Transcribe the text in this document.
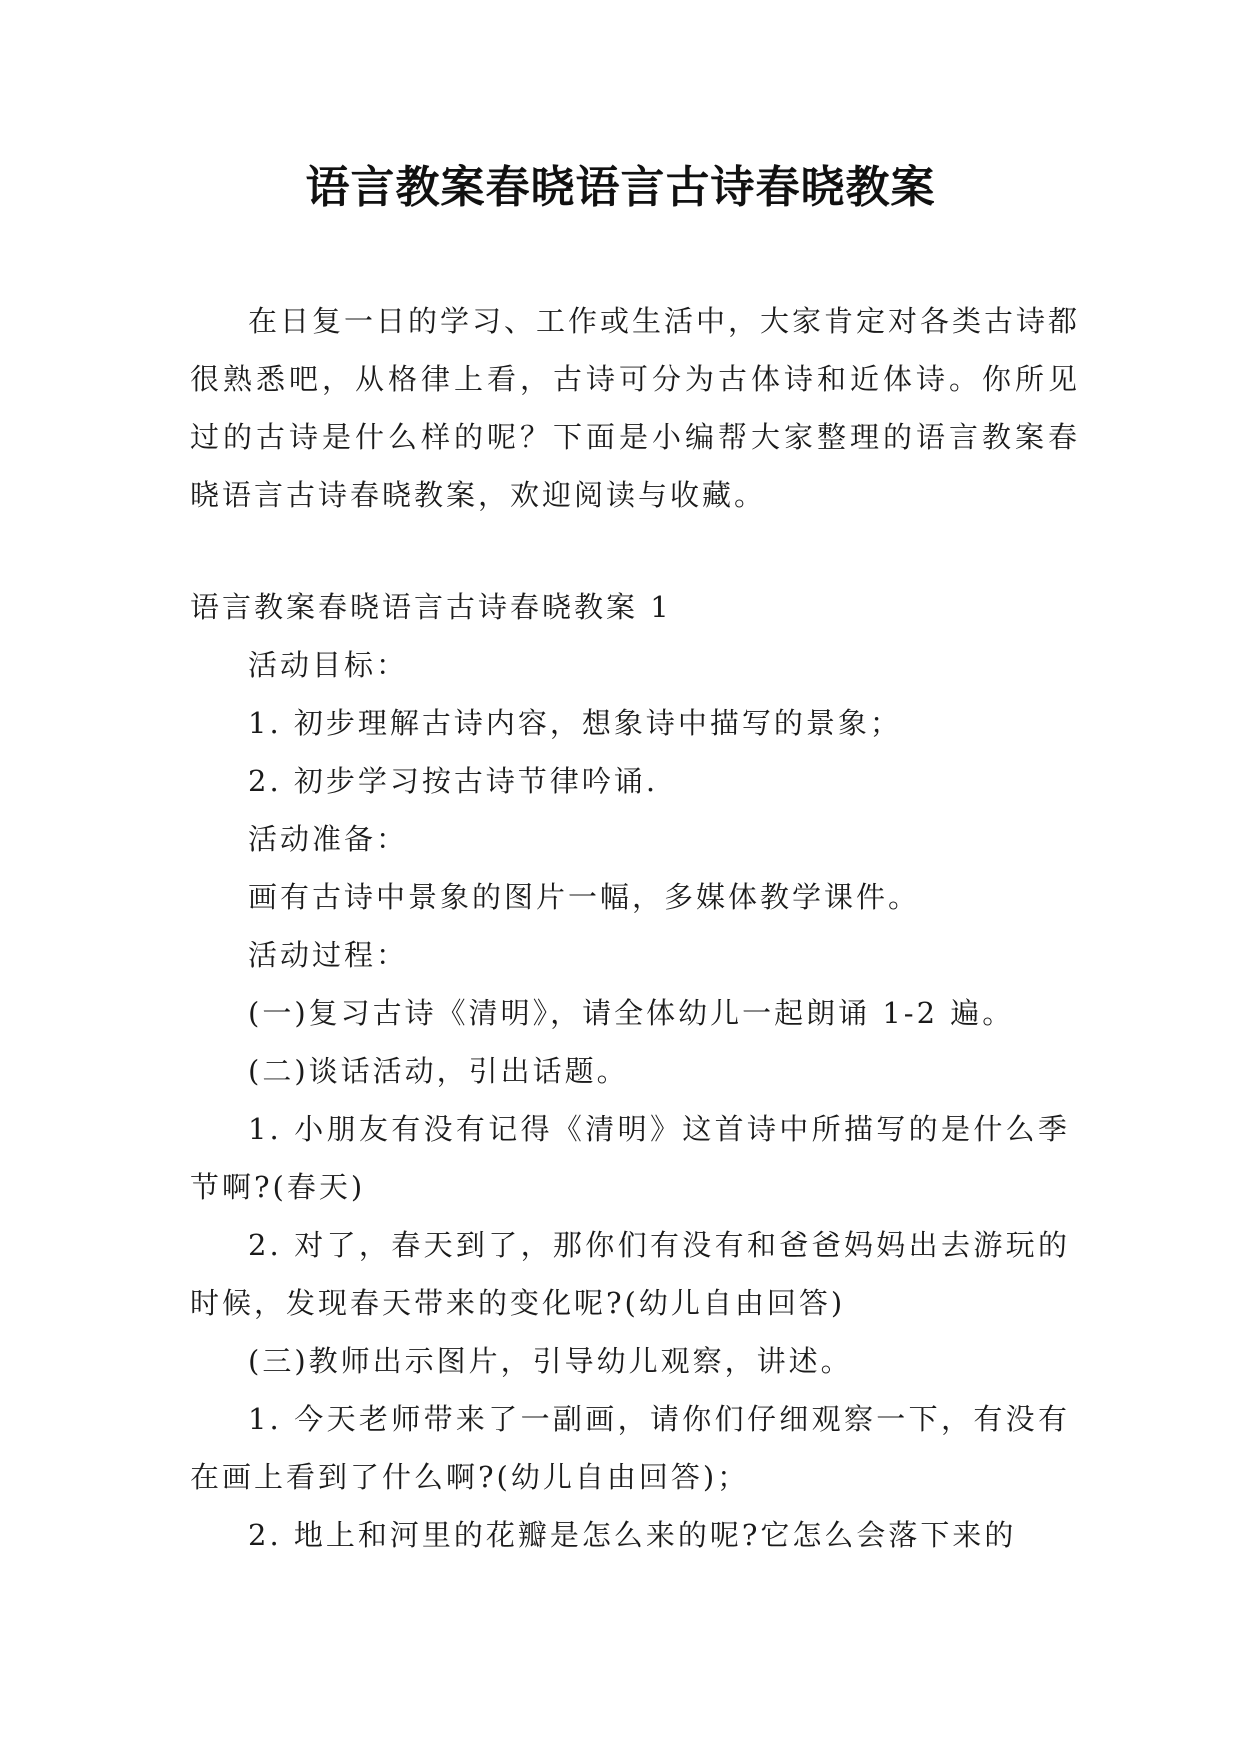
语言教案春晓语言古诗春晓教案

在日复一日的学习、工作或生活中，大家肯定对各类古诗都很熟悉吧，从格律上看，古诗可分为古体诗和近体诗。你所见过的古诗是什么样的呢？下面是小编帮大家整理的语言教案春晓语言古诗春晓教案，欢迎阅读与收藏。

语言教案春晓语言古诗春晓教案 1

活动目标：

1. 初步理解古诗内容，想象诗中描写的景象；

2. 初步学习按古诗节律吟诵.

活动准备：

画有古诗中景象的图片一幅，多媒体教学课件。

活动过程：

(一)复习古诗《清明》，请全体幼儿一起朗诵 1-2 遍。

(二)谈话活动，引出话题。

1. 小朋友有没有记得《清明》这首诗中所描写的是什么季节啊?(春天)

2. 对了，春天到了，那你们有没有和爸爸妈妈出去游玩的时候，发现春天带来的变化呢?(幼儿自由回答)

(三)教师出示图片，引导幼儿观察，讲述。

1. 今天老师带来了一副画，请你们仔细观察一下，有没有在画上看到了什么啊?(幼儿自由回答)；

2. 地上和河里的花瓣是怎么来的呢?它怎么会落下来的
